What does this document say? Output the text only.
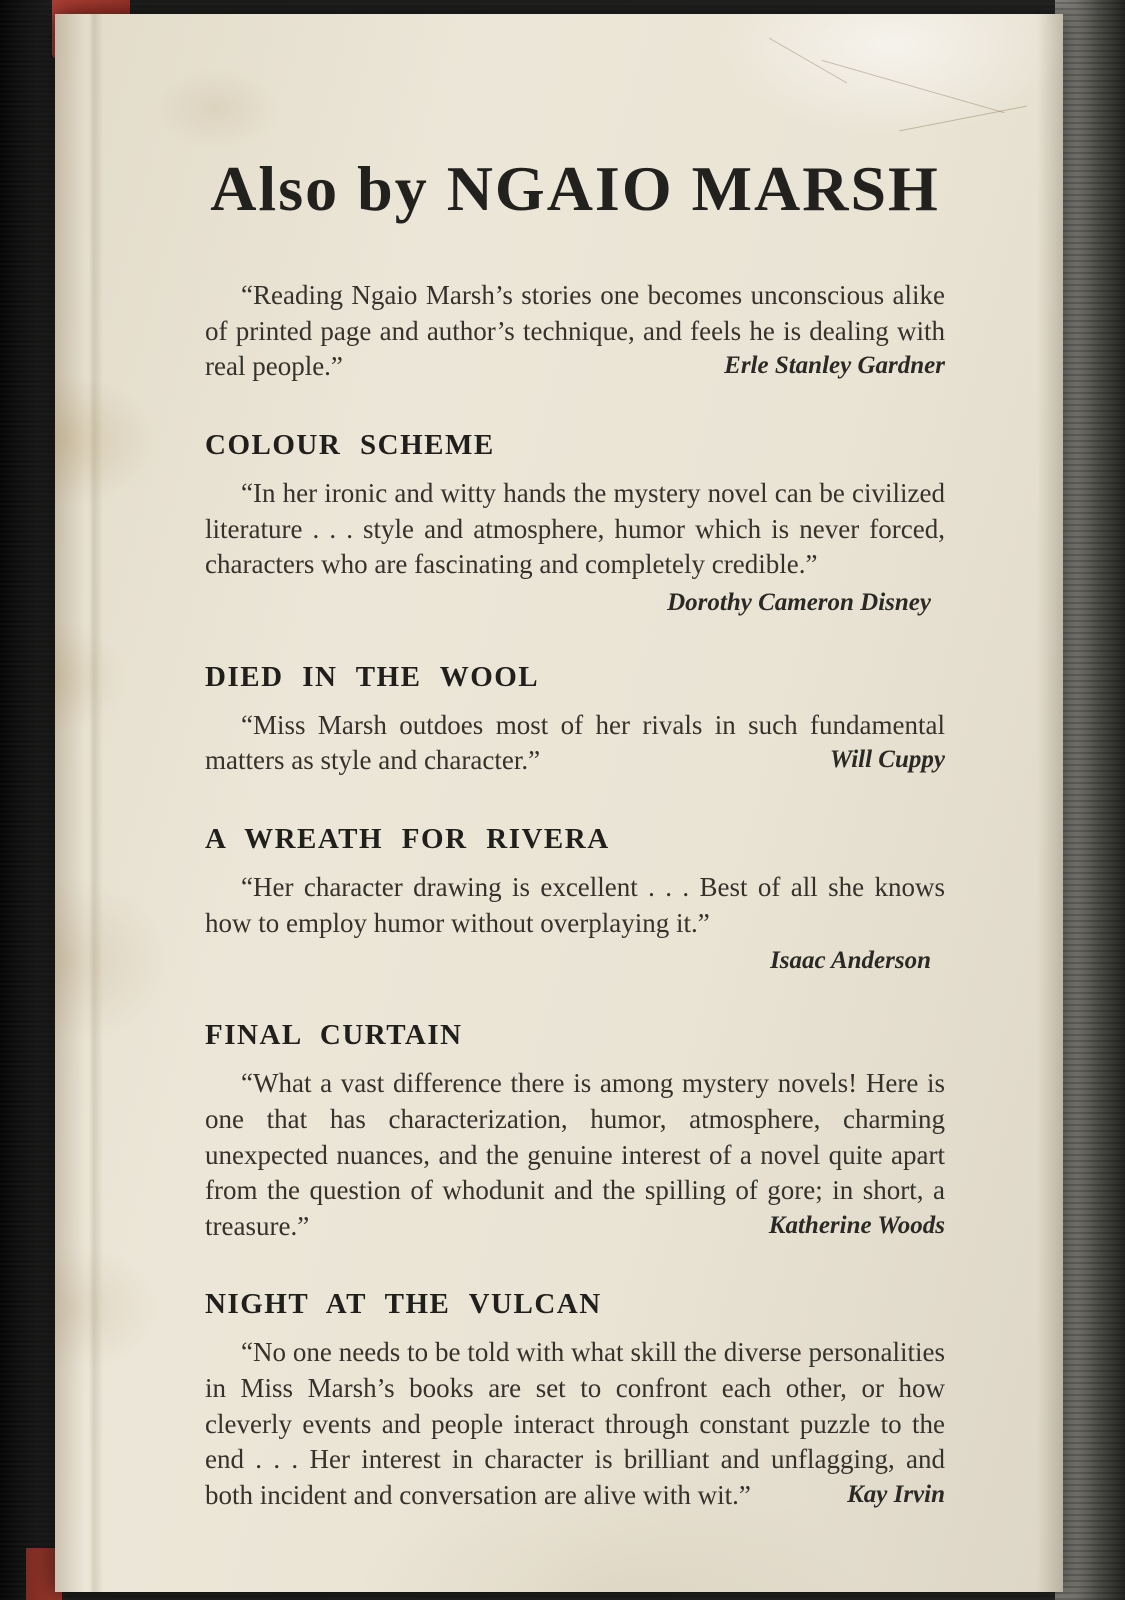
Also by NGAIO MARSH

“Reading Ngaio Marsh’s stories one becomes unconscious alike of printed page and author’s technique, and feels he is dealing with real people.”	Erle Stanley Gardner

COLOUR SCHEME

“In her ironic and witty hands the mystery novel can be civilized literature . . . style and atmosphere, humor which is never forced, characters who are fascinating and completely credible.”

Dorothy Cameron Disney
DIED IN THE WOOL

“Miss Marsh outdoes most of her rivals in such fundamental matters as style and character.”	Will Cuppy

A WREATH FOR RIVERA

“Her character drawing is excellent . . . Best of all she knows how to employ humor without overplaying it.”

Isaac Anderson
FINAL CURTAIN

“What a vast difference there is among mystery novels! Here is one that has characterization, humor, atmosphere, charming unexpected nuances, and the genuine interest of a novel quite apart from the question of whodunit and the spilling of gore; in short, a treasure.”	Katherine Woods

NIGHT AT THE VULCAN

“No one needs to be told with what skill the diverse personalities in Miss Marsh’s books are set to confront each other, or how cleverly events and people interact through constant puzzle to the end . . . Her interest in character is brilliant and unflagging, and both incident and conversation are alive with wit.”	Kay Irvin
